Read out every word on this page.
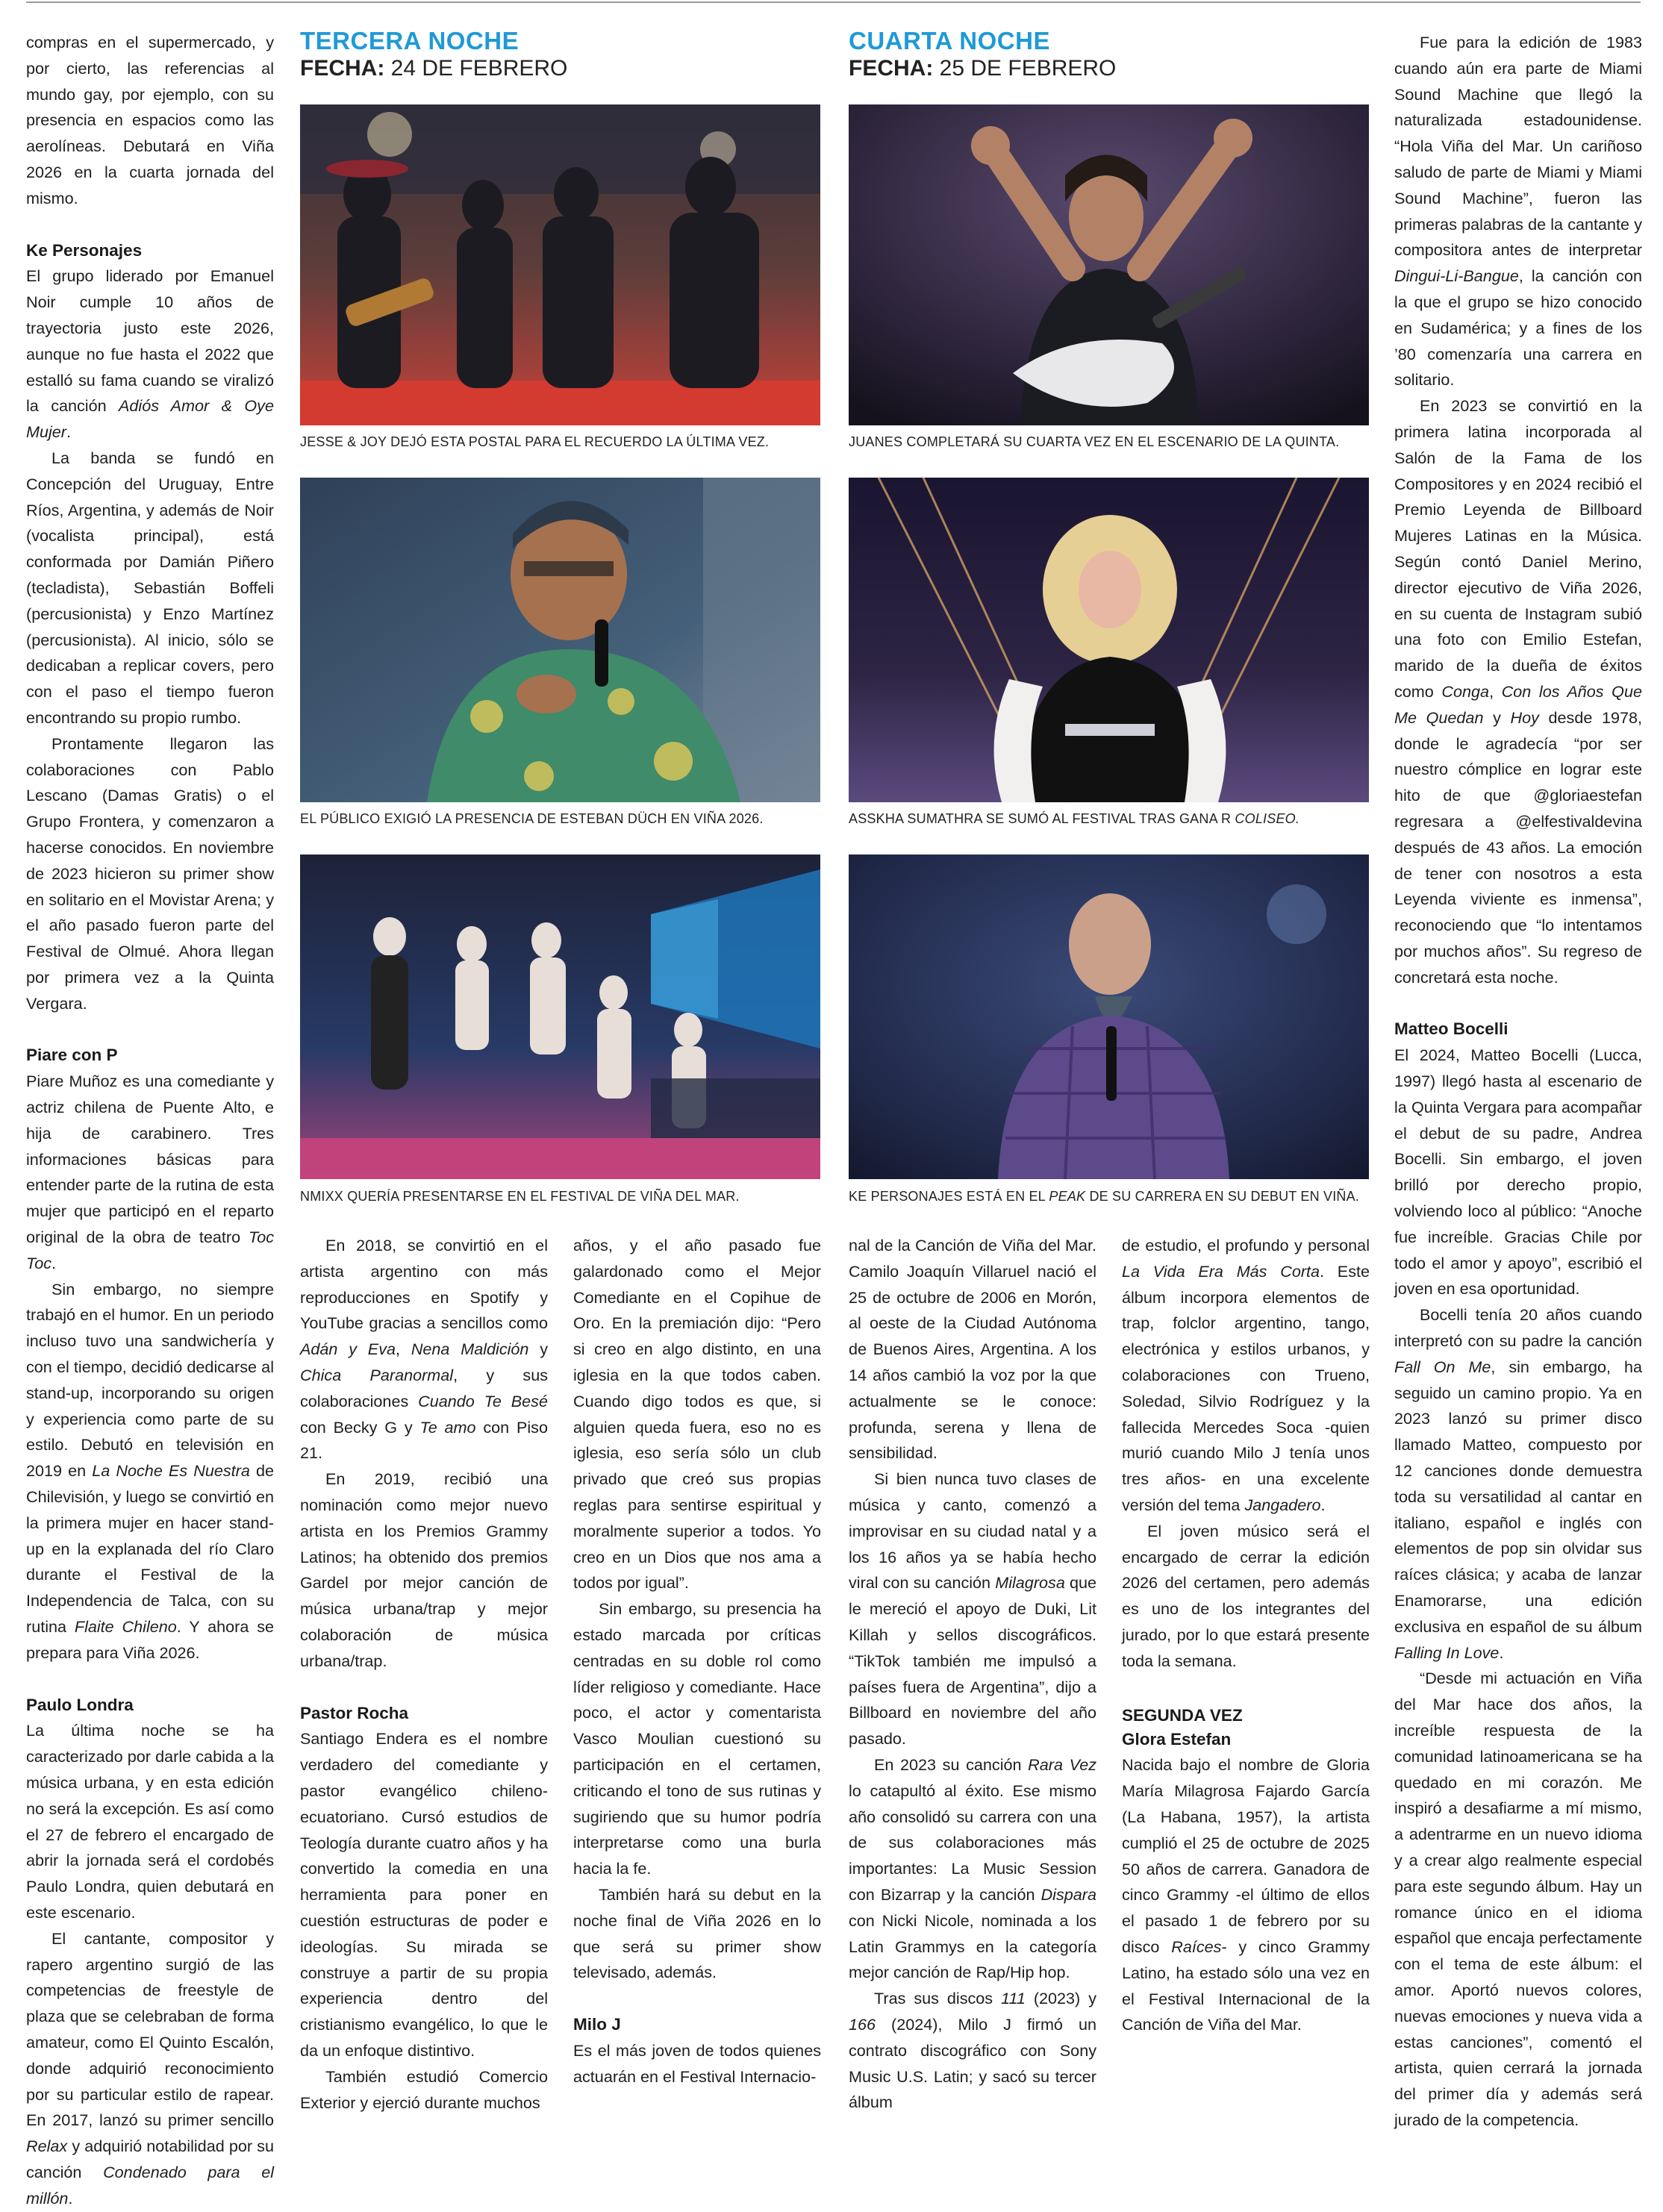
compras en el supermercado, y por cierto, las referencias al mundo gay, por ejemplo, con su presencia en espacios como las aerolíneas. Debutará en Viña 2026 en la cuarta jornada del mismo.

Ke Personajes

El grupo liderado por Emanuel Noir cumple 10 años de trayectoria justo este 2026, aunque no fue hasta el 2022 que estalló su fama cuando se viralizó la canción Adiós Amor & Oye Mujer.

La banda se fundó en Concepción del Uruguay, Entre Ríos, Argentina, y además de Noir (vocalista principal), está conformada por Damián Piñero (tecladista), Sebastián Boffeli (percusionista) y Enzo Martínez (percusionista). Al inicio, sólo se dedicaban a replicar covers, pero con el paso el tiempo fueron encontrando su propio rumbo.

Prontamente llegaron las colaboraciones con Pablo Lescano (Damas Gratis) o el Grupo Frontera, y comenzaron a hacerse conocidos. En noviembre de 2023 hicieron su primer show en solitario en el Movistar Arena; y el año pasado fueron parte del Festival de Olmué. Ahora llegan por primera vez a la Quinta Vergara.

Piare con P

Piare Muñoz es una comediante y actriz chilena de Puente Alto, e hija de carabinero. Tres informaciones básicas para entender parte de la rutina de esta mujer que participó en el reparto original de la obra de teatro Toc Toc.

Sin embargo, no siempre trabajó en el humor. En un periodo incluso tuvo una sandwichería y con el tiempo, decidió dedicarse al stand-up, incorporando su origen y experiencia como parte de su estilo. Debutó en televisión en 2019 en La Noche Es Nuestra de Chilevisión, y luego se convirtió en la primera mujer en hacer stand-up en la explanada del río Claro durante el Festival de la Independencia de Talca, con su rutina Flaite Chileno. Y ahora se prepara para Viña 2026.

Paulo Londra

La última noche se ha caracterizado por darle cabida a la música urbana, y en esta edición no será la excepción. Es así como el 27 de febrero el encargado de abrir la jornada será el cordobés Paulo Londra, quien debutará en este escenario.

El cantante, compositor y rapero argentino surgió de las competencias de freestyle de plaza que se celebraban de forma amateur, como El Quinto Escalón, donde adquirió reconocimiento por su particular estilo de rapear. En 2017, lanzó su primer sencillo Relax y adquirió notabilidad por su canción Condenado para el millón.

TERCERA NOCHE
FECHA: 24 DE FEBRERO
CUARTA NOCHE
FECHA: 25 DE FEBRERO
JESSE & JOY DEJÓ ESTA POSTAL PARA EL RECUERDO LA ÚLTIMA VEZ.
EL PÚBLICO EXIGIÓ LA PRESENCIA DE ESTEBAN DÜCH EN VIÑA 2026.
NMIXX QUERÍA PRESENTARSE EN EL FESTIVAL DE VIÑA DEL MAR.
JUANES COMPLETARÁ SU CUARTA VEZ EN EL ESCENARIO DE LA QUINTA.
ASSKHA SUMATHRA SE SUMÓ AL FESTIVAL TRAS GANA R COLISEO.
KE PERSONAJES ESTÁ EN EL PEAK DE SU CARRERA EN SU DEBUT EN VIÑA.

En 2018, se convirtió en el artista argentino con más reproducciones en Spotify y YouTube gracias a sencillos como Adán y Eva, Nena Maldición y Chica Paranormal, y sus colaboraciones Cuando Te Besé con Becky G y Te amo con Piso 21.

En 2019, recibió una nominación como mejor nuevo artista en los Premios Grammy Latinos; ha obtenido dos premios Gardel por mejor canción de música urbana/trap y mejor colaboración de música urbana/trap.

Pastor Rocha

Santiago Endera es el nombre verdadero del comediante y pastor evangélico chileno-ecuatoriano. Cursó estudios de Teología durante cuatro años y ha convertido la comedia en una herramienta para poner en cuestión estructuras de poder e ideologías. Su mirada se construye a partir de su propia experiencia dentro del cristianismo evangélico, lo que le da un enfoque distintivo.

También estudió Comercio Exterior y ejerció durante muchos

años, y el año pasado fue galardonado como el Mejor Comediante en el Copihue de Oro. En la premiación dijo: “Pero si creo en algo distinto, en una iglesia en la que todos caben. Cuando digo todos es que, si alguien queda fuera, eso no es iglesia, eso sería sólo un club privado que creó sus propias reglas para sentirse espiritual y moralmente superior a todos. Yo creo en un Dios que nos ama a todos por igual”.

Sin embargo, su presencia ha estado marcada por críticas centradas en su doble rol como líder religioso y comediante. Hace poco, el actor y comentarista Vasco Moulian cuestionó su participación en el certamen, criticando el tono de sus rutinas y sugiriendo que su humor podría interpretarse como una burla hacia la fe.

También hará su debut en la noche final de Viña 2026 en lo que será su primer show televisado, además.

Milo J

Es el más joven de todos quienes actuarán en el Festival Internacio-

nal de la Canción de Viña del Mar. Camilo Joaquín Villaruel nació el 25 de octubre de 2006 en Morón, al oeste de la Ciudad Autónoma de Buenos Aires, Argentina. A los 14 años cambió la voz por la que actualmente se le conoce: profunda, serena y llena de sensibilidad.

Si bien nunca tuvo clases de música y canto, comenzó a improvisar en su ciudad natal y a los 16 años ya se había hecho viral con su canción Milagrosa que le mereció el apoyo de Duki, Lit Killah y sellos discográficos. “TikTok también me impulsó a países fuera de Argentina”, dijo a Billboard en noviembre del año pasado.

En 2023 su canción Rara Vez lo catapultó al éxito. Ese mismo año consolidó su carrera con una de sus colaboraciones más importantes: La Music Session con Bizarrap y la canción Dispara con Nicki Nicole, nominada a los Latin Grammys en la categoría mejor canción de Rap/Hip hop.

Tras sus discos 111 (2023) y 166 (2024), Milo J firmó un contrato discográfico con Sony Music U.S. Latin; y sacó su tercer álbum

de estudio, el profundo y personal La Vida Era Más Corta. Este álbum incorpora elementos de trap, folclor argentino, tango, electrónica y estilos urbanos, y colaboraciones con Trueno, Soledad, Silvio Rodríguez y la fallecida Mercedes Soca -quien murió cuando Milo J tenía unos tres años- en una excelente versión del tema Jangadero.

El joven músico será el encargado de cerrar la edición 2026 del certamen, pero además es uno de los integrantes del jurado, por lo que estará presente toda la semana.

SEGUNDA VEZ
Glora Estefan

Nacida bajo el nombre de Gloria María Milagrosa Fajardo García (La Habana, 1957), la artista cumplió el 25 de octubre de 2025 50 años de carrera. Ganadora de cinco Grammy -el último de ellos el pasado 1 de febrero por su disco Raíces- y cinco Grammy Latino, ha estado sólo una vez en el Festival Internacional de la Canción de Viña del Mar.

Fue para la edición de 1983 cuando aún era parte de Miami Sound Machine que llegó la naturalizada estadounidense. “Hola Viña del Mar. Un cariñoso saludo de parte de Miami y Miami Sound Machine”, fueron las primeras palabras de la cantante y compositora antes de interpretar Dingui-Li-Bangue, la canción con la que el grupo se hizo conocido en Sudamérica; y a fines de los ’80 comenzaría una carrera en solitario.

En 2023 se convirtió en la primera latina incorporada al Salón de la Fama de los Compositores y en 2024 recibió el Premio Leyenda de Billboard Mujeres Latinas en la Música. Según contó Daniel Merino, director ejecutivo de Viña 2026, en su cuenta de Instagram subió una foto con Emilio Estefan, marido de la dueña de éxitos como Conga, Con los Años Que Me Quedan y Hoy desde 1978, donde le agradecía “por ser nuestro cómplice en lograr este hito de que @gloriaestefan regresara a @elfestivaldevina después de 43 años. La emoción de tener con nosotros a esta Leyenda viviente es inmensa”, reconociendo que “lo intentamos por muchos años”. Su regreso de concretará esta noche.

Matteo Bocelli

El 2024, Matteo Bocelli (Lucca, 1997) llegó hasta al escenario de la Quinta Vergara para acompañar el debut de su padre, Andrea Bocelli. Sin embargo, el joven brilló por derecho propio, volviendo loco al público: “Anoche fue increíble. Gracias Chile por todo el amor y apoyo”, escribió el joven en esa oportunidad.

Bocelli tenía 20 años cuando interpretó con su padre la canción Fall On Me, sin embargo, ha seguido un camino propio. Ya en 2023 lanzó su primer disco llamado Matteo, compuesto por 12 canciones donde demuestra toda su versatilidad al cantar en italiano, español e inglés con elementos de pop sin olvidar sus raíces clásica; y acaba de lanzar Enamorarse, una edición exclusiva en español de su álbum Falling In Love.

“Desde mi actuación en Viña del Mar hace dos años, la increíble respuesta de la comunidad latinoamericana se ha quedado en mi corazón. Me inspiró a desafiarme a mí mismo, a adentrarme en un nuevo idioma y a crear algo realmente especial para este segundo álbum. Hay un romance único en el idioma español que encaja perfectamente con el tema de este álbum: el amor. Aportó nuevos colores, nuevas emociones y nueva vida a estas canciones”, comentó el artista, quien cerrará la jornada del primer día y además será jurado de la competencia.
